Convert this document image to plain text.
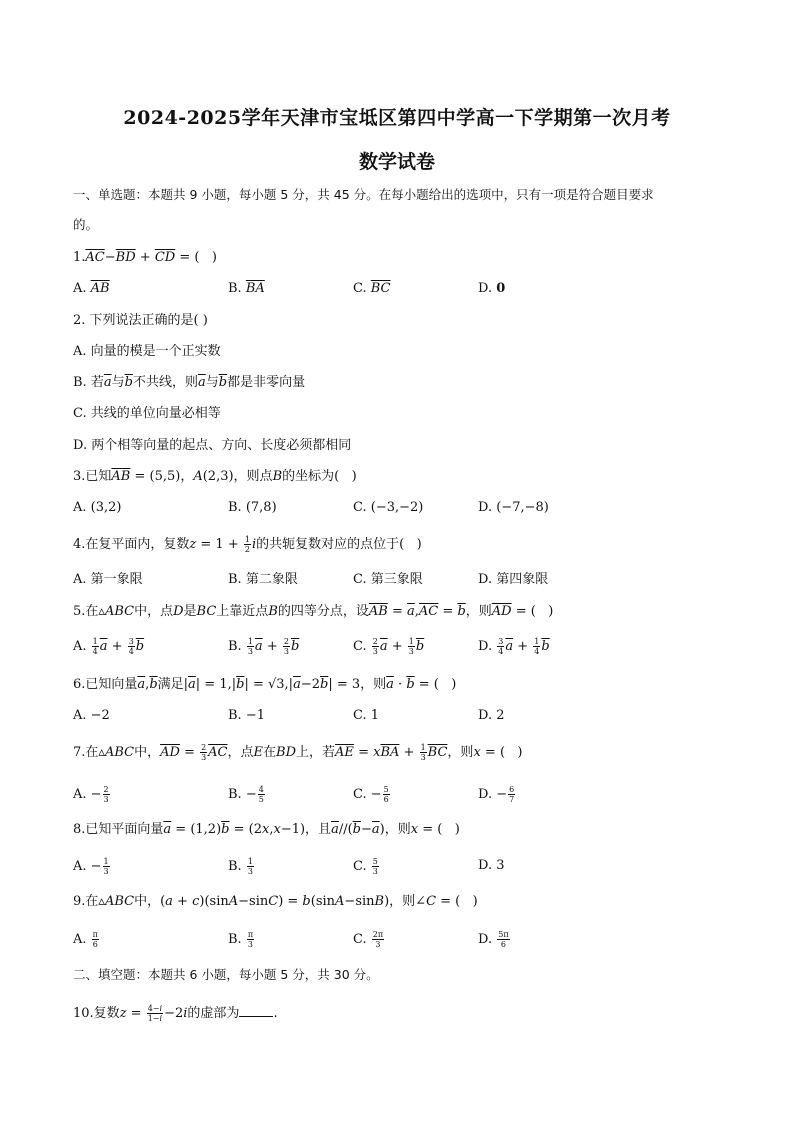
2024-2025学年天津市宝坻区第四中学高一下学期第一次月考
数学试卷
一、单选题：本题共 9 小题，每小题 5 分，共 45 分。在每小题给出的选项中，只有一项是符合题目要求
的。
$1.\overline{AC}-\overline{BD} + \overline{CD}$ = (   )
A. $\overline{AB}$	B. $\overline{BA}$	C. $\overline{BC}$	D. 0
2. 下列说法正确的是( )
A. 向量的模是一个正实数
B. 若$\overline{a}$与$\overline{b}$不共线，则$\overline{a}$与$\overline{b}$都是非零向量
C. 共线的单位向量必相等
D. 两个相等向量的起点、方向、长度必须都相同
3.已知$\overline{AB} = (5,5)$，A(2,3)，则点B的坐标为(   )
A. (3,2)	B. (7,8)	C. (−3,−2)	D. (−7,−8)
4.在复平面内，复数$z = 1 + \frac{1}{2}$ i的共轭复数对应的点位于(   )
A. 第一象限	B. 第二象限	C. 第三象限	D. 第四象限
5.在▵ABC中，点D是BC上靠近点B的四等分点，设$\overline{AB} = \overline{a},\overline{AC} = \overline{b}$，则$\overline{AD}$ = (   )
A. $\frac{1}{4} \overline{a} + \frac{3}{4} \overline{b}$	B. $\frac{1}{3} \overline{a} + \frac{2}{3} \overline{b}$	C. $\frac{2}{3} \overline{a} + \frac{1}{3} \overline{b}$	D. $\frac{3}{4} \overline{a} + \frac{1}{4} \overline{b}$
6.已知向量$\overline{a},\overline{b}$满足$|\overline{a}| = 1,|\overline{b}| = √3,|\overline{a}-2\overline{b}| = 3$，则$\overline{a} \cdot \overline{b}$ = (   )
A. −2	B. −1	C. 1	D. 2
7.在▵ABC中，$\overline{AD} = \frac{2}{3} \overline{AC}$，点E在BD上，若$\overline{AE} = x\overline{BA} + \frac{1}{3} \overline{BC}$，则x = (   )
A. − $\frac{2}{3}$	B. − $\frac{4}{5}$	C. − $\frac{5}{6}$	D. − $\frac{6}{7}$
8.已知平面向量$\overline{a} = (1,2)\overline{b} = (2x,x-1)$，且$\overline{a}//(\overline{b}-\overline{a})$，则x = (   )
A. − $\frac{1}{3}$	B. $\frac{1}{3}$	C. $\frac{5}{3}$	D. 3
9.在▵ABC中，(a + c)(sinA−sinC) = b(sinA−sinB)，则∠C = (   )
A. $\frac{\pi}{6}$	B. $\frac{\pi}{3}$	C. $\frac{2\pi}{3}$	D. $\frac{5\pi}{6}$
二、填空题：本题共 6 小题，每小题 5 分，共 30 分。
10.复数$z = \frac{4-i}{1-i} -2i$的虚部为	.
